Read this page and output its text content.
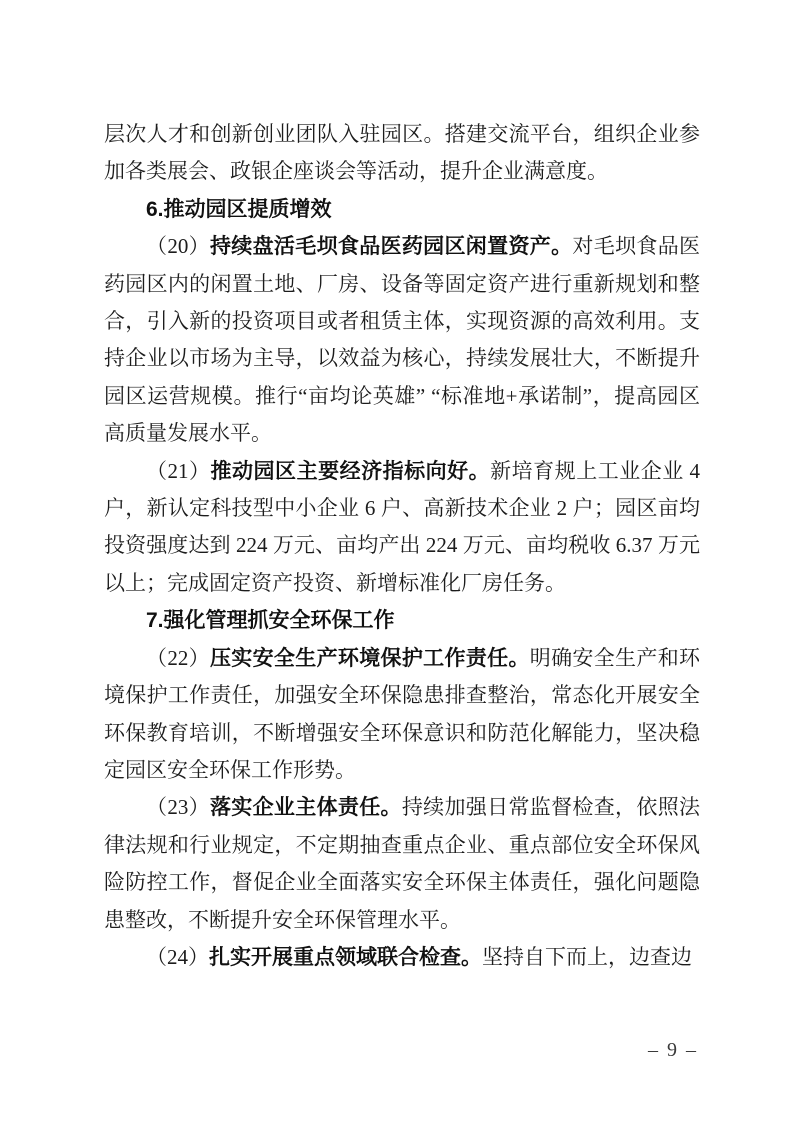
层次人才和创新创业团队入驻园区。搭建交流平台，组织企业参加各类展会、政银企座谈会等活动，提升企业满意度。

6.推动园区提质增效

（20）持续盘活毛坝食品医药园区闲置资产。对毛坝食品医药园区内的闲置土地、厂房、设备等固定资产进行重新规划和整合，引入新的投资项目或者租赁主体，实现资源的高效利用。支持企业以市场为主导，以效益为核心，持续发展壮大，不断提升园区运营规模。推行“亩均论英雄” “标准地+承诺制”，提高园区高质量发展水平。

（21）推动园区主要经济指标向好。新培育规上工业企业 4 户，新认定科技型中小企业 6 户、高新技术企业 2 户；园区亩均投资强度达到 224 万元、亩均产出 224 万元、亩均税收 6.37 万元以上；完成固定资产投资、新增标准化厂房任务。

7.强化管理抓安全环保工作

（22）压实安全生产环境保护工作责任。明确安全生产和环境保护工作责任，加强安全环保隐患排查整治，常态化开展安全环保教育培训，不断增强安全环保意识和防范化解能力，坚决稳定园区安全环保工作形势。

（23）落实企业主体责任。持续加强日常监督检查，依照法律法规和行业规定，不定期抽查重点企业、重点部位安全环保风险防控工作，督促企业全面落实安全环保主体责任，强化问题隐患整改，不断提升安全环保管理水平。

（24）扎实开展重点领域联合检查。坚持自下而上，边查边

– 9 –
